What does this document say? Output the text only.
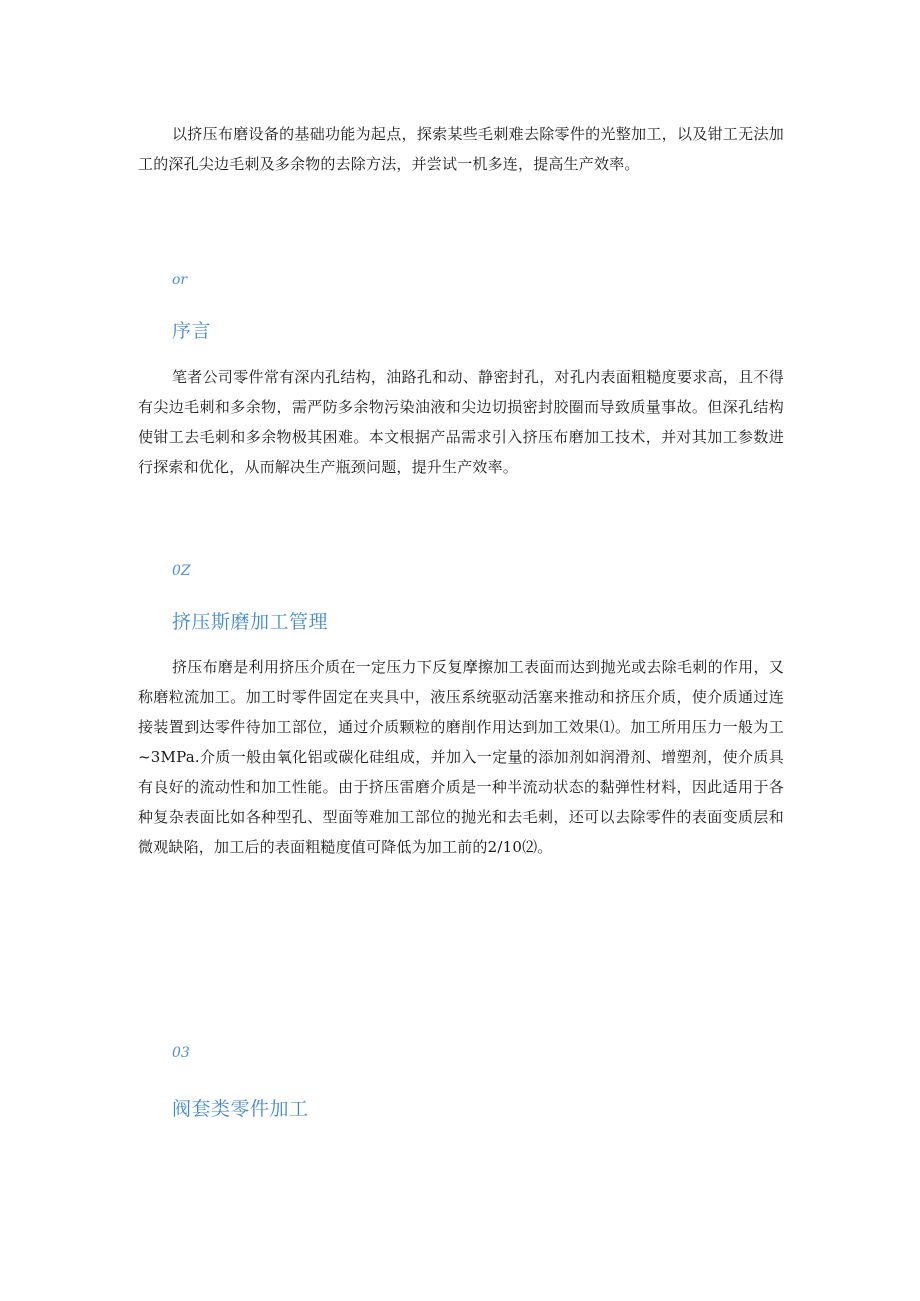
以挤压布磨设备的基础功能为起点，探索某些毛刺难去除零件的光整加工，以及钳工无法加工的深孔尖边毛刺及多余物的去除方法，并尝试一机多连，提高生产效率。

or

序言

笔者公司零件常有深内孔结构，油路孔和动、静密封孔，对孔内表面粗糙度要求高，且不得有尖边毛刺和多余物，需严防多余物污染油液和尖边切损密封胶圈而导致质量事故。但深孔结构使钳工去毛刺和多余物极其困难。本文根据产品需求引入挤压布磨加工技术，并对其加工参数进行探索和优化，从而解决生产瓶颈问题，提升生产效率。

0Z

挤压斯磨加工管理

挤压布磨是利用挤压介质在一定压力下反复摩擦加工表面而达到抛光或去除毛刺的作用，又称磨粒流加工。加工时零件固定在夹具中，液压系统驱动活塞来推动和挤压介质，使介质通过连接装置到达零件待加工部位，通过介质颗粒的磨削作用达到加工效果⑴。加工所用压力一般为工~3MPa.介质一般由氧化铝或碳化硅组成，并加入一定量的添加剂如润滑剂、增塑剂，使介质具有良好的流动性和加工性能。由于挤压雷磨介质是一种半流动状态的黏弹性材料，因此适用于各种复杂表面比如各种型孔、型面等难加工部位的抛光和去毛刺，还可以去除零件的表面变质层和微观缺陷，加工后的表面粗糙度值可降低为加工前的2/10⑵。

03

阀套类零件加工
